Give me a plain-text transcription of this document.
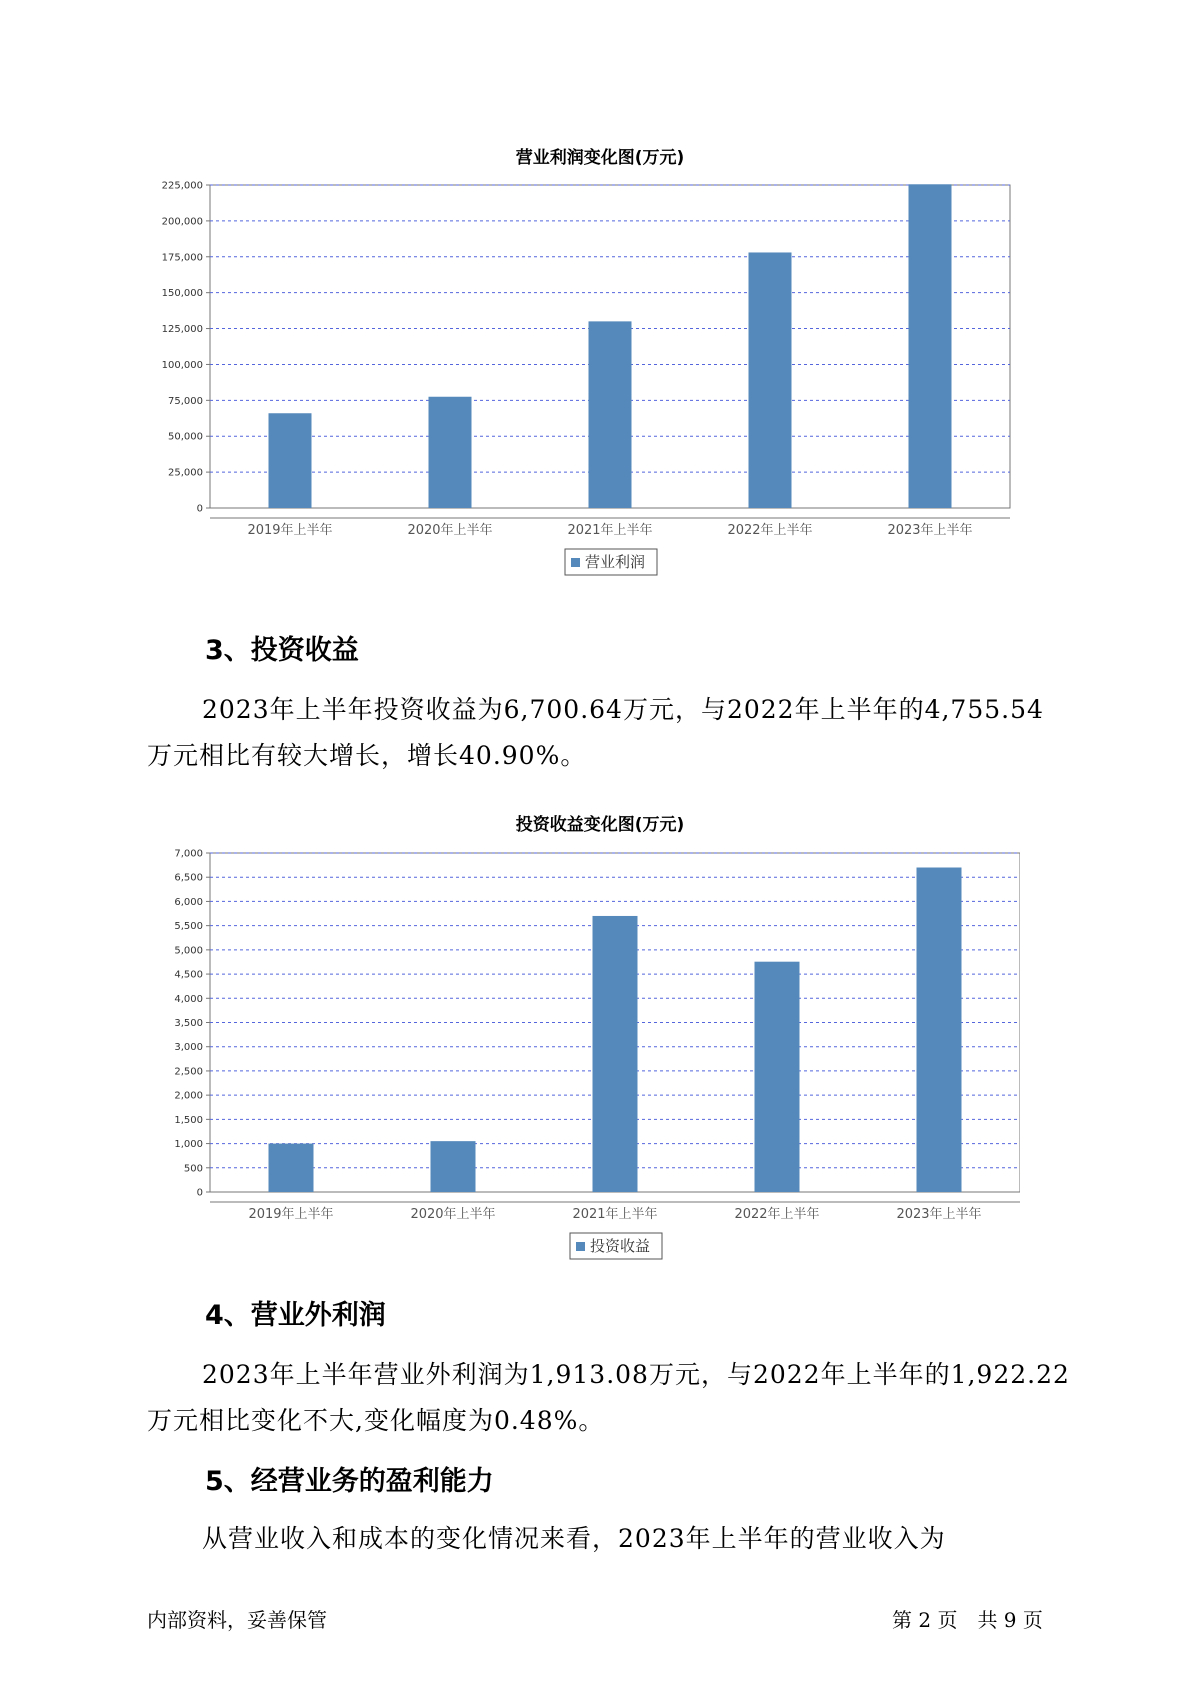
营业利润变化图(万元)
0
25,000
50,000
75,000
100,000
125,000
150,000
175,000
200,000
225,000
2019年上半年	2020年上半年	2021年上半年	2022年上半年	2023年上半年
营业利润
3、投资收益
2023年上半年投资收益为6,700.64万元，与2022年上半年的4,755.54
万元相比有较大增长，增长40.90%。
投资收益变化图(万元)
0
500
1,000
1,500
2,000
2,500
3,000
3,500
4,000
4,500
5,000
5,500
6,000
6,500
7,000
2019年上半年	2020年上半年	2021年上半年	2022年上半年	2023年上半年
投资收益
4、营业外利润
2023年上半年营业外利润为1,913.08万元，与2022年上半年的1,922.22
万元相比变化不大,变化幅度为0.48%。
5、经营业务的盈利能力
从营业收入和成本的变化情况来看，2023年上半年的营业收入为
内部资料，妥善保管	第 2 页　共 9 页
